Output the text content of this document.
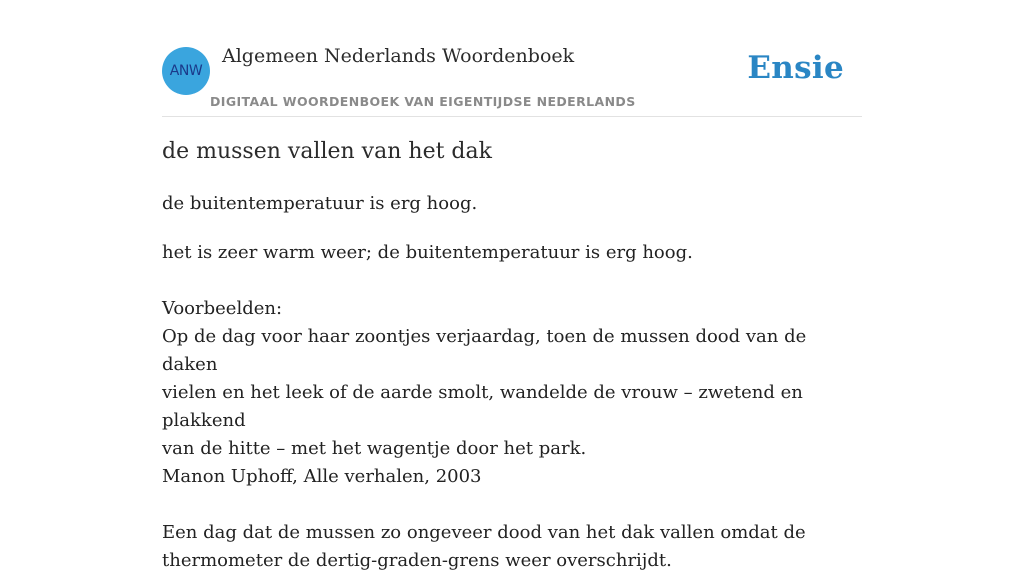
ANW
Algemeen Nederlands Woordenboek
DIGITAAL WOORDENBOEK VAN EIGENTIJDSE NEDERLANDS
Ensie
de mussen vallen van het dak

de buitentemperatuur is erg hoog.

het is zeer warm weer; de buitentemperatuur is erg hoog.

Voorbeelden:

Op de dag voor haar zoontjes verjaardag, toen de mussen dood van de daken

vielen en het leek of de aarde smolt, wandelde de vrouw – zwetend en plakkend

van de hitte – met het wagentje door het park.

Manon Uphoff, Alle verhalen, 2003

Een dag dat de mussen zo ongeveer dood van het dak vallen omdat de

thermometer de dertig-graden-grens weer overschrijdt.
